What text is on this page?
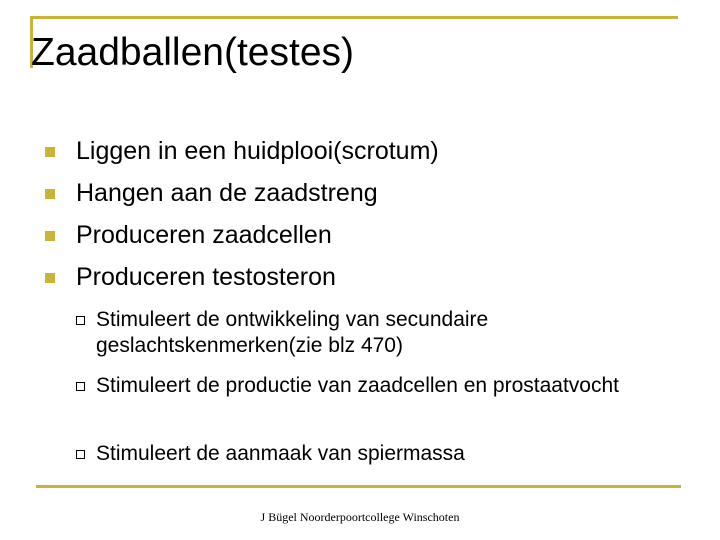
Zaadballen(testes)
Liggen in een huidplooi(scrotum)
Hangen aan de zaadstreng
Produceren zaadcellen
Produceren testosteron
Stimuleert de ontwikkeling van secundaire geslachtskenmerken(zie blz 470)
Stimuleert de productie van zaadcellen en prostaatvocht
Stimuleert de aanmaak van spiermassa
J Bügel Noorderpoortcollege Winschoten
